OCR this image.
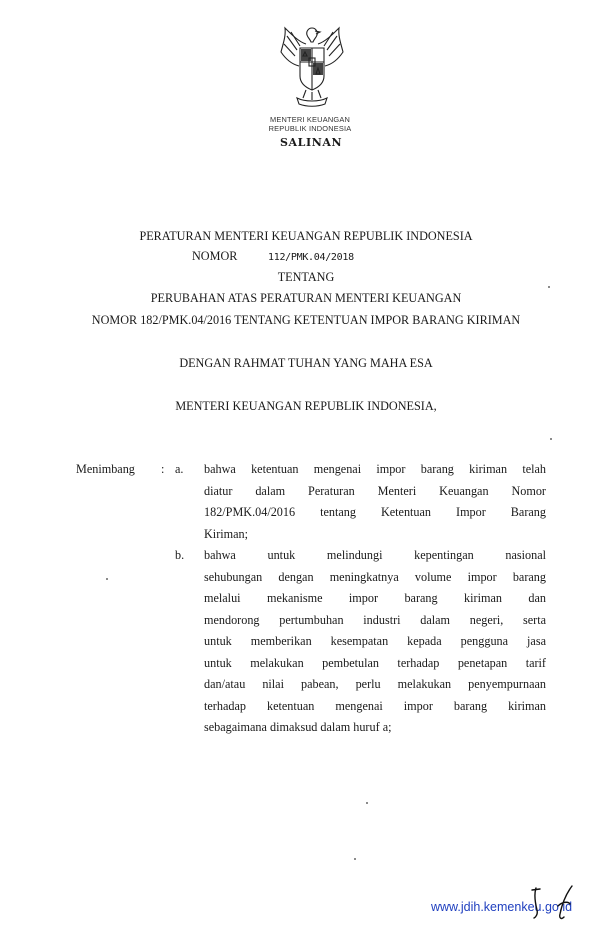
MENTERI KEUANGAN
REPUBLIK INDONESIA
SALINAN
PERATURAN MENTERI KEUANGAN REPUBLIK INDONESIA
NOMOR	112/PMK.04/2018
TENTANG
PERUBAHAN ATAS PERATURAN MENTERI KEUANGAN
NOMOR 182/PMK.04/2016 TENTANG KETENTUAN IMPOR BARANG KIRIMAN
DENGAN RAHMAT TUHAN YANG MAHA ESA
MENTERI KEUANGAN REPUBLIK INDONESIA,
Menimbang : a. bahwa ketentuan mengenai impor barang kiriman telah
diatur dalam Peraturan Menteri Keuangan Nomor
182/PMK.04/2016 tentang Ketentuan Impor Barang
Kiriman;
b. bahwa untuk melindungi kepentingan nasional
sehubungan dengan meningkatnya volume impor barang
melalui mekanisme impor barang kiriman dan
mendorong pertumbuhan industri dalam negeri, serta
untuk memberikan kesempatan kepada pengguna jasa
untuk melakukan pembetulan terhadap penetapan tarif
dan/atau nilai pabean, perlu melakukan penyempurnaan
terhadap ketentuan mengenai impor barang kiriman
sebagaimana dimaksud dalam huruf a;
www.jdih.kemenkeu.go.id
